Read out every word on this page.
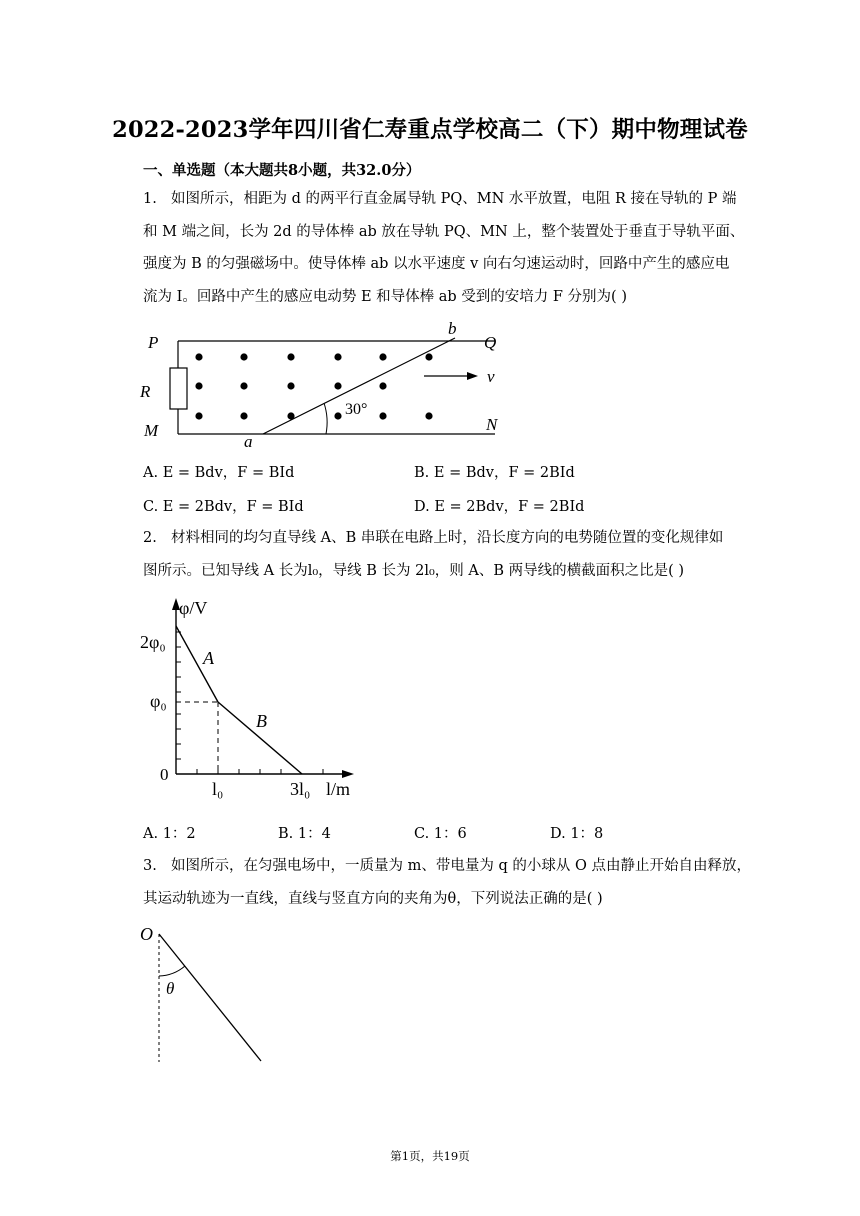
2022-2023学年四川省仁寿重点学校高二（下）期中物理试卷
一、单选题（本大题共8小题，共32.0分）
1. 如图所示，相距为 d 的两平行直金属导轨 PQ、MN 水平放置，电阻 R 接在导轨的 P 端
和 M 端之间，长为 2d 的导体棒 ab 放在导轨 PQ、MN 上，整个装置处于垂直于导轨平面、
强度为 B 的匀强磁场中。使导体棒 ab 以水平速度 v 向右匀速运动时，回路中产生的感应电
流为 I。回路中产生的感应电动势 E 和导体棒 ab 受到的安培力 F 分别为( )
P	Q
R
M	N
a
b
v
30°
A. E = Bdv，F = BId	B. E = Bdv，F = 2BId
C. E = 2Bdv，F = BId	D. E = 2Bdv，F = 2BId
2. 材料相同的均匀直导线 A、B 串联在电路上时，沿长度方向的电势随位置的变化规律如
图所示。已知导线 A 长为l₀，导线 B 长为 2l₀，则 A、B 两导线的横截面积之比是( )
φ/V
2φ₀
φ₀
0
l₀	3l₀ l/m
A
B
A. 1：2	B. 1：4	C. 1：6	D. 1：8
3. 如图所示，在匀强电场中，一质量为 m、带电量为 q 的小球从 O 点由静止开始自由释放，
其运动轨迹为一直线，直线与竖直方向的夹角为θ，下列说法正确的是( )
O
θ
第1页，共19页
